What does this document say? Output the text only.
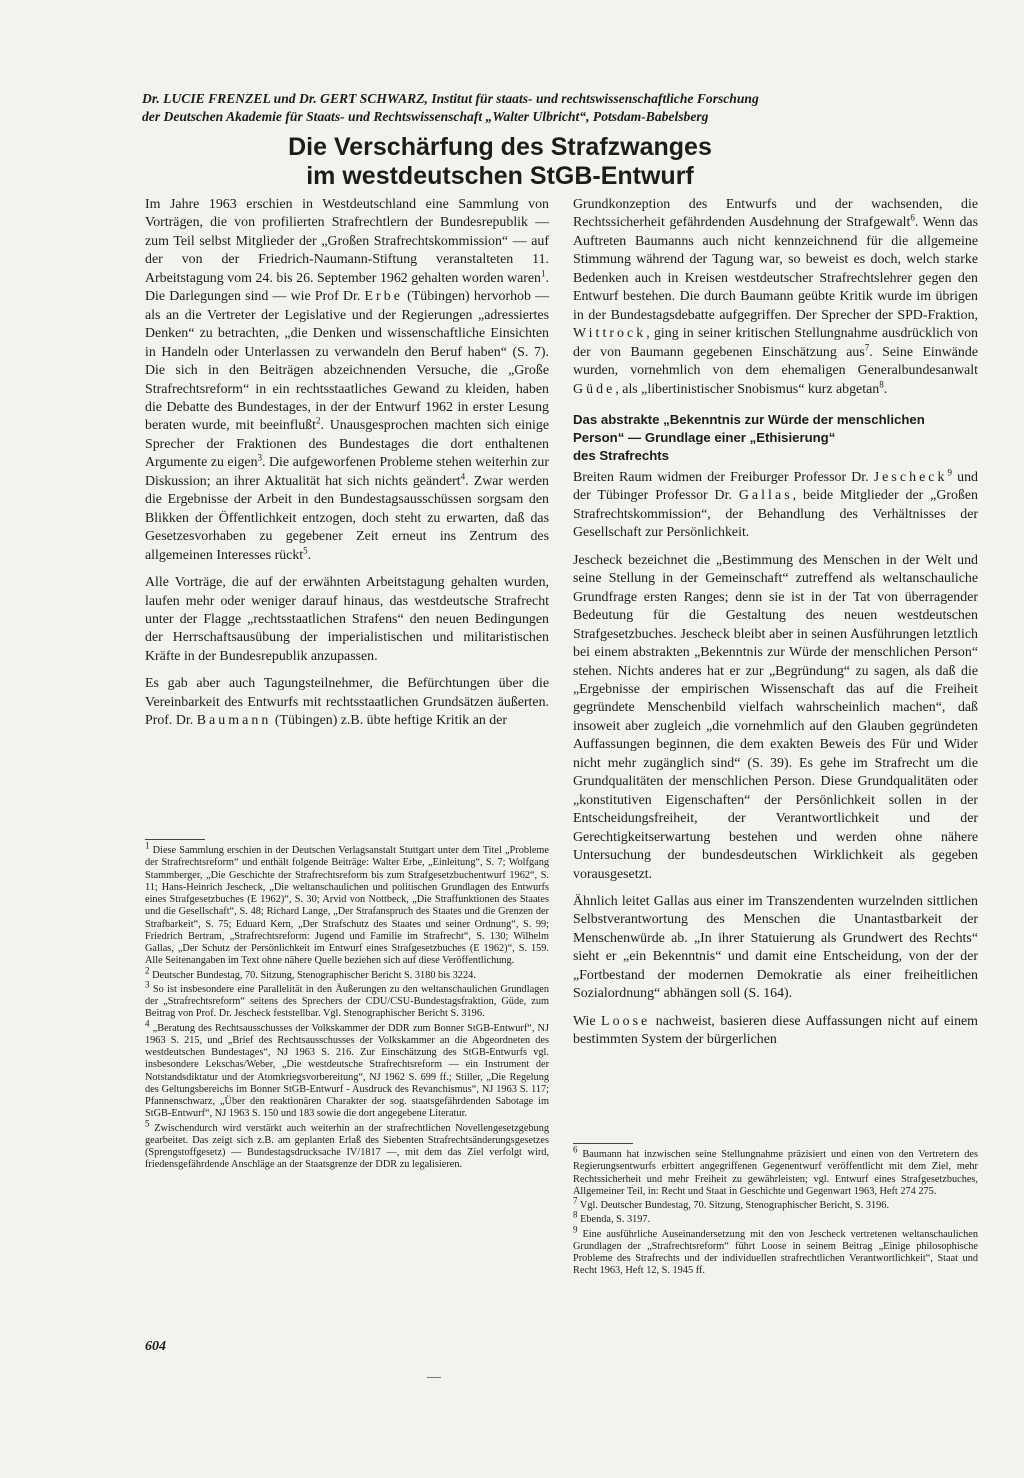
Dr. LUCIE FRENZEL und Dr. GERT SCHWARZ, Institut für staats- und rechtswissenschaftliche Forschung
der Deutschen Akademie für Staats- und Rechtswissenschaft „Walter Ulbricht“, Potsdam-Babelsberg
Die Verschärfung des Strafzwanges
im westdeutschen StGB-Entwurf

Im Jahre 1963 erschien in Westdeutschland eine Sammlung von Vorträgen, die von profilierten Strafrechtlern der Bundesrepublik — zum Teil selbst Mitglieder der „Großen Strafrechtskommission“ — auf der von der Friedrich-Naumann-Stiftung veranstalteten 11. Arbeitstagung vom 24. bis 26. September 1962 gehalten worden waren$^1$. Die Darlegungen sind — wie Prof Dr. Erbe (Tübingen) hervorhob — als an die Vertreter der Legislative und der Regierungen „adressiertes Denken“ zu betrachten, „die Denken und wissenschaftliche Einsichten in Handeln oder Unterlassen zu verwandeln den Beruf haben“ (S. 7). Die sich in den Beiträgen abzeichnenden Versuche, die „Große Strafrechtsreform“ in ein rechtsstaatliches Gewand zu kleiden, haben die Debatte des Bundestages, in der der Entwurf 1962 in erster Lesung beraten wurde, mit beeinflußt$^2$. Unausgesprochen machten sich einige Sprecher der Fraktionen des Bundestages die dort enthaltenen Argumente zu eigen$^3$. Die aufgeworfenen Probleme stehen weiterhin zur Diskussion; an ihrer Aktualität hat sich nichts geändert$^4$. Zwar werden die Ergebnisse der Arbeit in den Bundestagsausschüssen sorgsam den Blikken der Öffentlichkeit entzogen, doch steht zu erwarten, daß das Gesetzesvorhaben zu gegebener Zeit erneut ins Zentrum des allgemeinen Interesses rückt$^5$.

Alle Vorträge, die auf der erwähnten Arbeitstagung gehalten wurden, laufen mehr oder weniger darauf hinaus, das westdeutsche Strafrecht unter der Flagge „rechtsstaatlichen Strafens“ den neuen Bedingungen der Herrschaftsausübung der imperialistischen und militaristischen Kräfte in der Bundesrepublik anzupassen.

Es gab aber auch Tagungsteilnehmer, die Befürchtungen über die Vereinbarkeit des Entwurfs mit rechtsstaatlichen Grundsätzen äußerten. Prof. Dr. Baumann (Tübingen) z.B. übte heftige Kritik an der

Grundkonzeption des Entwurfs und der wachsenden, die Rechtssicherheit gefährdenden Ausdehnung der Strafgewalt$^6$. Wenn das Auftreten Baumanns auch nicht kennzeichnend für die allgemeine Stimmung während der Tagung war, so beweist es doch, welch starke Bedenken auch in Kreisen westdeutscher Strafrechtslehrer gegen den Entwurf bestehen. Die durch Baumann geübte Kritik wurde im übrigen in der Bundestagsdebatte aufgegriffen. Der Sprecher der SPD-Fraktion, Wittrock, ging in seiner kritischen Stellungnahme ausdrücklich von der von Baumann gegebenen Einschätzung aus$^7$. Seine Einwände wurden, vornehmlich von dem ehemaligen Generalbundesanwalt Güde, als „libertinistischer Snobismus“ kurz abgetan$^8$.

Das abstrakte „Bekenntnis zur Würde der menschlichen
Person“ — Grundlage einer „Ethisierung“
des Strafrechts

Breiten Raum widmen der Freiburger Professor Dr. Jescheck$^9$ und der Tübinger Professor Dr. Gallas, beide Mitglieder der „Großen Strafrechtskommission“, der Behandlung des Verhältnisses der Gesellschaft zur Persönlichkeit.

Jescheck bezeichnet die „Bestimmung des Menschen in der Welt und seine Stellung in der Gemeinschaft“ zutreffend als weltanschauliche Grundfrage ersten Ranges; denn sie ist in der Tat von überragender Bedeutung für die Gestaltung des neuen westdeutschen Strafgesetzbuches. Jescheck bleibt aber in seinen Ausführungen letztlich bei einem abstrakten „Bekenntnis zur Würde der menschlichen Person“ stehen. Nichts anderes hat er zur „Begründung“ zu sagen, als daß die „Ergebnisse der empirischen Wissenschaft das auf die Freiheit gegründete Menschenbild vielfach wahrscheinlich machen“, daß insoweit aber zugleich „die vornehmlich auf den Glauben gegründeten Auffassungen beginnen, die dem exakten Beweis des Für und Wider nicht mehr zugänglich sind“ (S. 39). Es gehe im Strafrecht um die Grundqualitäten der menschlichen Person. Diese Grundqualitäten oder „konstitutiven Eigenschaften“ der Persönlichkeit sollen in der Entscheidungsfreiheit, der Verantwortlichkeit und der Gerechtigkeitserwartung bestehen und werden ohne nähere Untersuchung der bundesdeutschen Wirklichkeit als gegeben vorausgesetzt.

Ähnlich leitet Gallas aus einer im Transzendenten wurzelnden sittlichen Selbstverantwortung des Menschen die Unantastbarkeit der Menschenwürde ab. „In ihrer Statuierung als Grundwert des Rechts“ sieht er „ein Bekenntnis“ und damit eine Entscheidung, von der der „Fortbestand der modernen Demokratie als einer freiheitlichen Sozialordnung“ abhängen soll (S. 164).

Wie Loose nachweist, basieren diese Auffassungen nicht auf einem bestimmten System der bürgerlichen

$^1$ Diese Sammlung erschien in der Deutschen Verlagsanstalt Stuttgart unter dem Titel „Probleme der Strafrechtsreform“ und enthält folgende Beiträge: Walter Erbe, „Einleitung“, S. 7; Wolfgang Stammberger, „Die Geschichte der Strafrechtsreform bis zum Strafgesetzbuchentwurf 1962“, S. 11; Hans-Heinrich Jescheck, „Die weltanschaulichen und politischen Grundlagen des Entwurfs eines Strafgesetzbuches (E 1962)“, S. 30; Arvid von Nottbeck, „Die Straffunktionen des Staates und die Gesellschaft“, S. 48; Richard Lange, „Der Strafanspruch des Staates und die Grenzen der Strafbarkeit“, S. 75; Eduard Kern, „Der Strafschutz des Staates und seiner Ordnung“, S. 99; Friedrich Bertram, „Strafrechtsreform: Jugend und Familie im Strafrecht“, S. 130; Wilhelm Gallas, „Der Schutz der Persönlichkeit im Entwurf eines Strafgesetzbuches (E 1962)“, S. 159. Alle Seitenangaben im Text ohne nähere Quelle beziehen sich auf diese Veröffentlichung.

$^2$ Deutscher Bundestag, 70. Sitzung, Stenographischer Bericht S. 3180 bis 3224.

$^3$ So ist insbesondere eine Parallelität in den Äußerungen zu den weltanschaulichen Grundlagen der „Strafrechtsreform“ seitens des Sprechers der CDU/CSU-Bundestagsfraktion, Güde, zum Beitrag von Prof. Dr. Jescheck feststellbar. Vgl. Stenographischer Bericht S. 3196.

$^4$ „Beratung des Rechtsausschusses der Volkskammer der DDR zum Bonner StGB-Entwurf“, NJ 1963 S. 215, und „Brief des Rechtsausschusses der Volkskammer an die Abgeordneten des westdeutschen Bundestages“, NJ 1963 S. 216. Zur Einschätzung des StGB-Entwurfs vgl. insbesondere Lekschas/Weber, „Die westdeutsche Strafrechtsreform — ein Instrument der Notstandsdiktatur und der Atomkriegsvorbereitung“, NJ 1962 S. 699 ff.; Stiller, „Die Regelung des Geltungsbereichs im Bonner StGB-Entwurf - Ausdruck des Revanchismus“, NJ 1963 S. 117; Pfannenschwarz, „Über den reaktionären Charakter der sog. staatsgefährdenden Sabotage im StGB-Entwurf“, NJ 1963 S. 150 und 183 sowie die dort angegebene Literatur.

$^5$ Zwischendurch wird verstärkt auch weiterhin an der strafrechtlichen Novellengesetzgebung gearbeitet. Das zeigt sich z.B. am geplanten Erlaß des Siebenten Strafrechtsänderungsgesetzes (Sprengstoffgesetz) — Bundestagsdrucksache IV/1817 —, mit dem das Ziel verfolgt wird, friedensgefährdende Anschläge an der Staatsgrenze der DDR zu legalisieren.

$^6$ Baumann hat inzwischen seine Stellungnahme präzisiert und einen von den Vertretern des Regierungsentwurfs erbittert angegriffenen Gegenentwurf veröffentlicht mit dem Ziel, mehr Rechtssicherheit und mehr Freiheit zu gewährleisten; vgl. Entwurf eines Strafgesetzbuches, Allgemeiner Teil, in: Recht und Staat in Geschichte und Gegenwart 1963, Heft 274 275.

$^7$ Vgl. Deutscher Bundestag, 70. Sitzung, Stenographischer Bericht, S. 3196.

$^8$ Ebenda, S. 3197.

$^9$ Eine ausführliche Auseinandersetzung mit den von Jescheck vertretenen weltanschaulichen Grundlagen der „Strafrechtsreform“ führt Loose in seinem Beitrag „Einige philosophische Probleme des Strafrechts und der individuellen strafrechtlichen Verantwortlichkeit“, Staat und Recht 1963, Heft 12, S. 1945 ff.

604
